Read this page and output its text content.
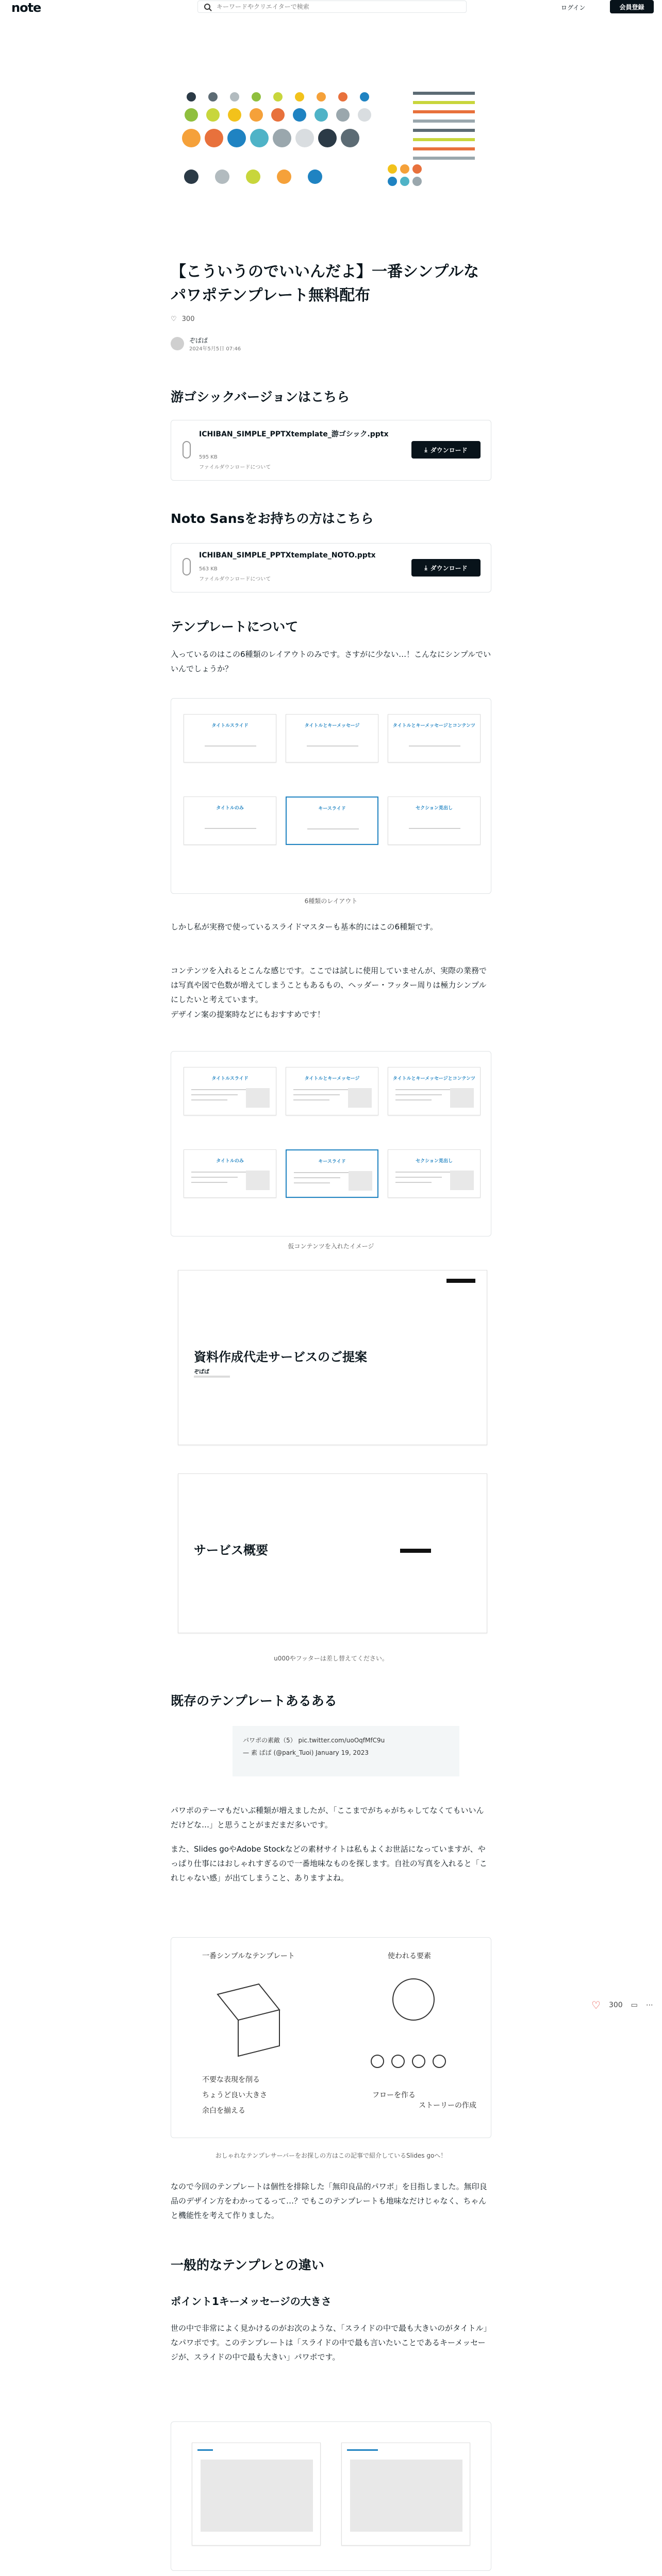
note
キーワードやクリエイターで検索	ログイン	会員登録
【こういうのでいいんだよ】一番シンプルなパワポテンプレート無料配布
♡ 300
ぞぱぱ
2024年5月5日 07:46
游ゴシックバージョンはこちら
ICHIBAN_SIMPLE_PPTXtemplate_游ゴシック.pptx
595 KB
ファイルダウンロードについて
⤓ ダウンロード
Noto Sansをお持ちの方はこちら
ICHIBAN_SIMPLE_PPTXtemplate_NOTO.pptx
563 KB
ファイルダウンロードについて
⤓ ダウンロード
テンプレートについて
入っているのはこの6種類のレイアウトのみです。さすがに少ない…！こんなにシンプルでいいんでしょうか？
タイトルスライド	タイトルとキーメッセージ	タイトルとキーメッセージとコンテンツ
タイトルのみ	キースライド	セクション見出し
6種類のレイアウト
しかし私が実務で使っているスライドマスターも基本的にはこの6種類です。
コンテンツを入れるとこんな感じです。ここでは試しに使用していませんが、実際の業務では写真や図で色数が増えてしまうこともあるもの、ヘッダー・フッター周りは極力シンプルにしたいと考えています。
デザイン案の提案時などにもおすすめです！
タイトルスライド	タイトルとキーメッセージ	タイトルとキーメッセージとコンテンツ
タイトルのみ	キースライド	セクション見出し
仮コンテンツを入れたイメージ
資料作成代走サービスのご提案
ぞぱぱ
サービス概要
u000やフッターは差し替えてください。
既存のテンプレートあるある
パワポの素敵（5） pic.twitter.com/uoOqfMfC9u
— 素 ぱぱ (@park_Tuoi) January 19, 2023
パワポのテーマもだいぶ種類が増えましたが、「ここまでがちゃがちゃしてなくてもいいんだけどな…」と思うことがまだまだ多いです。
また、Slides goやAdobe Stockなどの素材サイトは私もよくお世話になっていますが、やっぱり仕事にはおしゃれすぎるので一番地味なものを探します。自社の写真を入れると「これじゃない感」が出てしまうこと、ありますよね。
一番シンプルなテンプレート
不要な表現を削る
ちょうど良い大きさ
余白を揃える
使われる要素
フローを作る
ストーリーの作成
おしゃれなテンプレサーバーをお探しの方はこの記事で紹介しているSlides goへ！
なので今回のテンプレートは個性を排除した「無印良品的パワポ」を目指しました。無印良品のデザイン方をわかってるって…？でもこのテンプレートも地味なだけじゃなく、ちゃんと機能性を考えて作りました。
一般的なテンプレとの違い
ポイント1キーメッセージの大きさ
世の中で非常によく見かけるのがお次のような、「スライドの中で最も大きいのがタイトル」なパワポです。このテンプレートは「スライドの中で最も言いたいことであるキーメッセージが、スライドの中で最も大きい」パワポです。
♡ 300 ▭ ⋯
